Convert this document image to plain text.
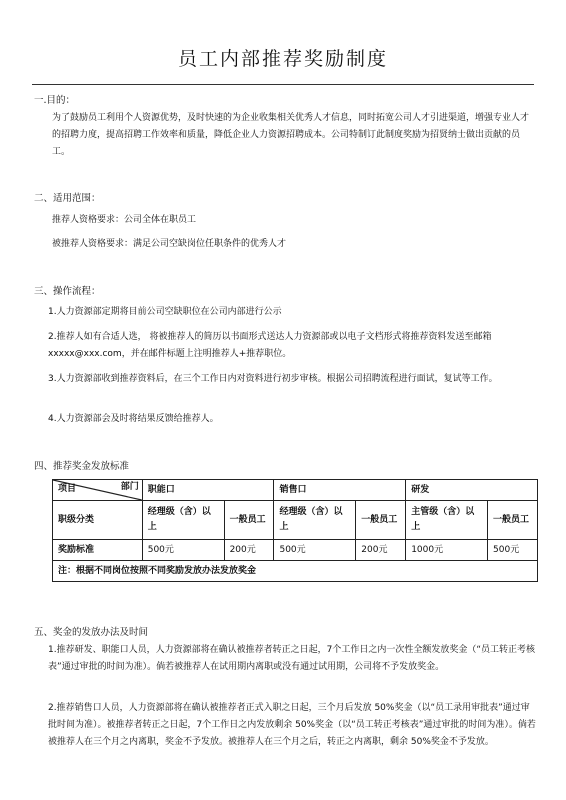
员工内部推荐奖励制度
一.目的：
为了鼓励员工利用个人资源优势，及时快速的为企业收集相关优秀人才信息，同时拓宽公司人才引进渠道，增强专业人才的招聘力度，提高招聘工作效率和质量，降低企业人力资源招聘成本。公司特制订此制度奖励为招贤纳士做出贡献的员工。
二、适用范围：
推荐人资格要求：公司全体在职员工
被推荐人资格要求：满足公司空缺岗位任职条件的优秀人才
三、操作流程：
1.人力资源部定期将目前公司空缺职位在公司内部进行公示
2.推荐人如有合适人选， 将被推荐人的简历以书面形式送达人力资源部或以电子文档形式将推荐资料发送至邮箱 xxxxx@xxx.com，并在邮件标题上注明推荐人+推荐职位。
3.人力资源部收到推荐资料后，在三个工作日内对资料进行初步审核。根据公司招聘流程进行面试，复试等工作。
4.人力资源部会及时将结果反馈给推荐人。
四、推荐奖金发放标准
项目 部门	职能口		销售口		研发	
职级分类	经理级（含）以上	一般员工	经理级（含）以上	一般员工	主管级（含）以上	一般员工
奖励标准	500元	200元	500元	200元	1000元	500元
注：根据不同岗位按照不同奖励发放办法发放奖金						
五、奖金的发放办法及时间
1.推荐研发、职能口人员，人力资源部将在确认被推荐者转正之日起，7个工作日之内一次性全额发放奖金（“员工转正考核表”通过审批的时间为准）。倘若被推荐人在试用期内离职或没有通过试用期，公司将不予发放奖金。
2.推荐销售口人员，人力资源部将在确认被推荐者正式入职之日起，三个月后发放 50%奖金（以“员工录用审批表”通过审批时间为准）。被推荐者转正之日起，7个工作日之内发放剩余 50%奖金（以“员工转正考核表”通过审批的时间为准）。倘若被推荐人在三个月之内离职，奖金不予发放。被推荐人在三个月之后，转正之内离职，剩余 50%奖金不予发放。
